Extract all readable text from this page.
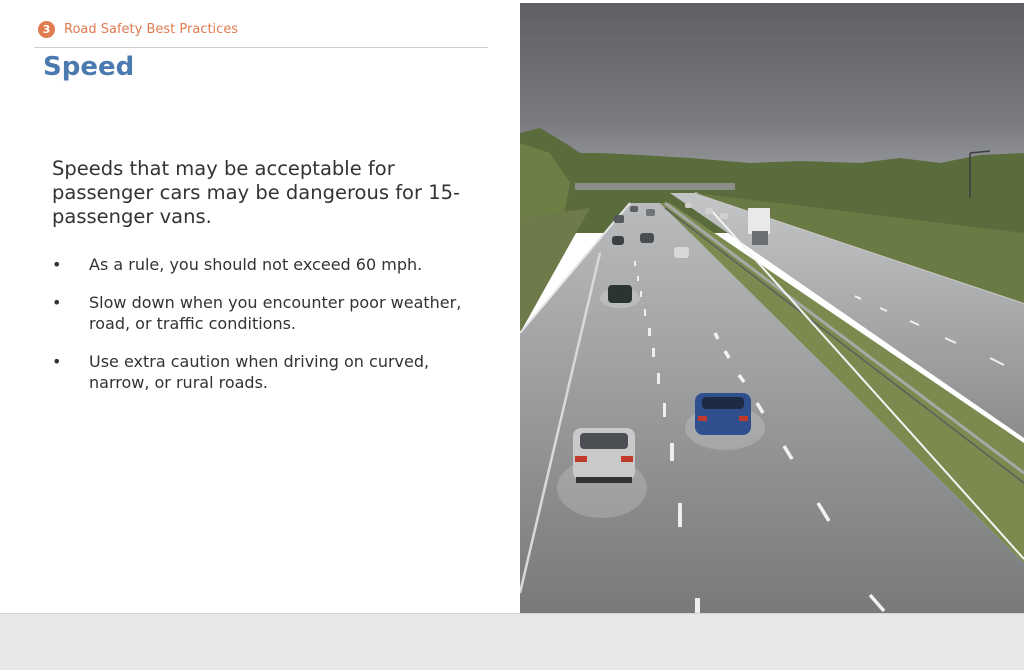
3	Road Safety Best Practices
Speed

Speeds that may be acceptable for passenger cars may be dangerous for 15-passenger vans.

• As a rule, you should not exceed 60 mph.
• Slow down when you encounter poor weather, road, or traffic conditions.
• Use extra caution when driving on curved, narrow, or rural roads.
